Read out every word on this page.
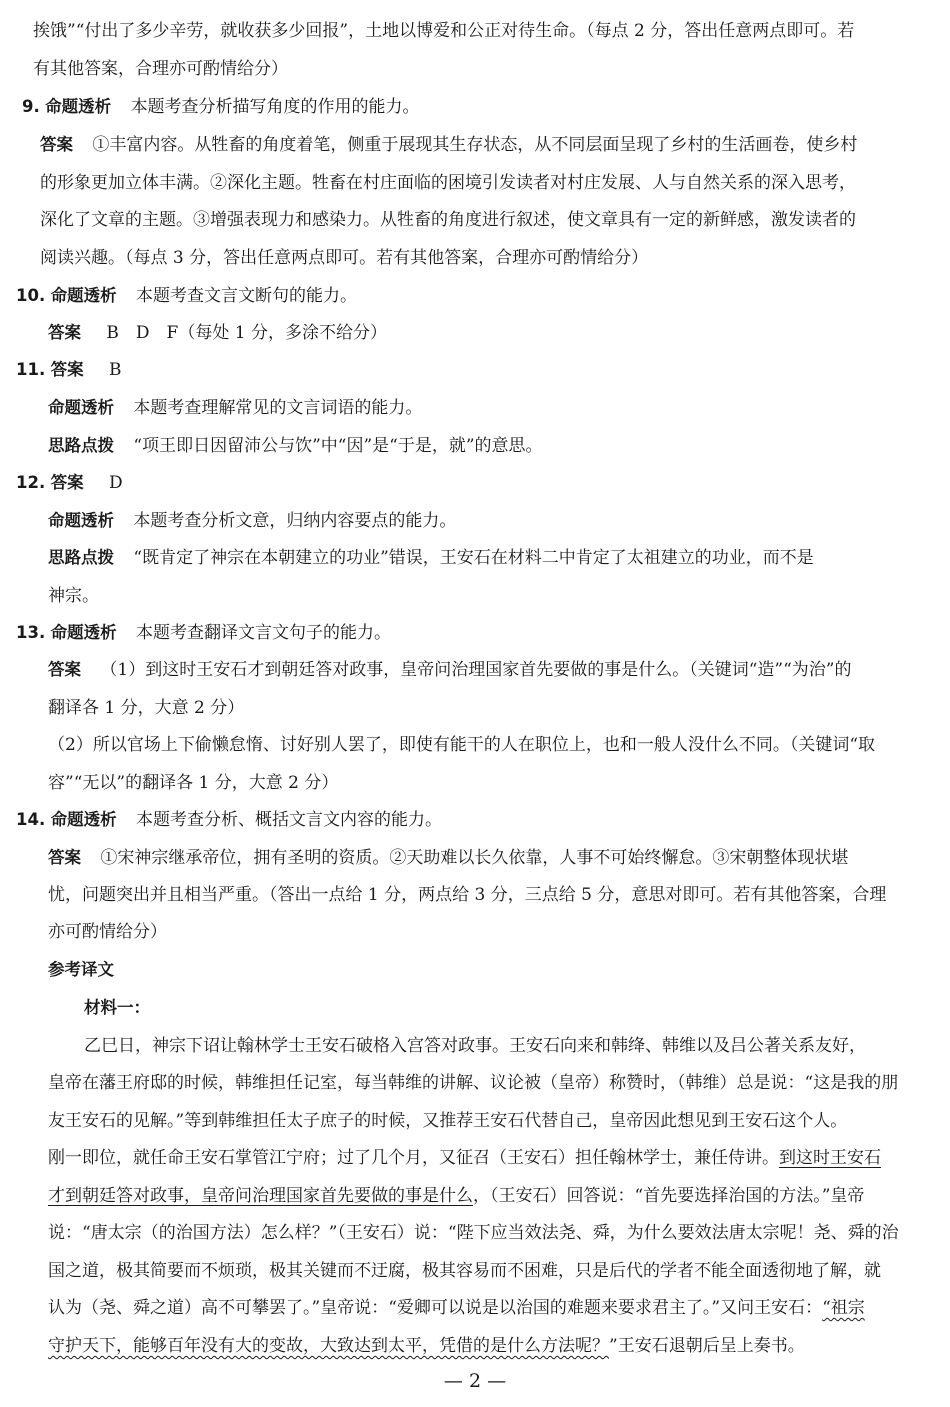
挨饿”“付出了多少辛劳，就收获多少回报”，土地以博爱和公正对待生命。（每点 2 分，答出任意两点即可。若
有其他答案，合理亦可酌情给分）
9. 命题透析 本题考查分析描写角度的作用的能力。
答案 ①丰富内容。从牲畜的角度着笔，侧重于展现其生存状态，从不同层面呈现了乡村的生活画卷，使乡村
的形象更加立体丰满。②深化主题。牲畜在村庄面临的困境引发读者对村庄发展、人与自然关系的深入思考，
深化了文章的主题。③增强表现力和感染力。从牲畜的角度进行叙述，使文章具有一定的新鲜感，激发读者的
阅读兴趣。（每点 3 分，答出任意两点即可。若有其他答案，合理亦可酌情给分）
10. 命题透析 本题考查文言文断句的能力。
答案 B　D　F（每处 1 分，多涂不给分）
11. 答案 B
命题透析 本题考查理解常见的文言词语的能力。
思路点拨 “项王即日因留沛公与饮”中“因”是“于是，就”的意思。
12. 答案 D
命题透析 本题考查分析文意，归纳内容要点的能力。
思路点拨 “既肯定了神宗在本朝建立的功业”错误，王安石在材料二中肯定了太祖建立的功业，而不是
神宗。
13. 命题透析 本题考查翻译文言文句子的能力。
答案 （1）到这时王安石才到朝廷答对政事，皇帝问治理国家首先要做的事是什么。（关键词“造”“为治”的
翻译各 1 分，大意 2 分）
（2）所以官场上下偷懒怠惰、讨好别人罢了，即使有能干的人在职位上，也和一般人没什么不同。（关键词“取
容”“无以”的翻译各 1 分，大意 2 分）
14. 命题透析 本题考查分析、概括文言文内容的能力。
答案 ①宋神宗继承帝位，拥有圣明的资质。②天助难以长久依靠，人事不可始终懈怠。③宋朝整体现状堪
忧，问题突出并且相当严重。（答出一点给 1 分，两点给 3 分，三点给 5 分，意思对即可。若有其他答案，合理
亦可酌情给分）
参考译文
材料一：
乙巳日，神宗下诏让翰林学士王安石破格入宫答对政事。王安石向来和韩绛、韩维以及吕公著关系友好，
皇帝在藩王府邸的时候，韩维担任记室，每当韩维的讲解、议论被（皇帝）称赞时，（韩维）总是说：“这是我的朋
友王安石的见解。”等到韩维担任太子庶子的时候，又推荐王安石代替自己，皇帝因此想见到王安石这个人。
刚一即位，就任命王安石掌管江宁府；过了几个月，又征召（王安石）担任翰林学士，兼任侍讲。到这时王安石
才到朝廷答对政事，皇帝问治理国家首先要做的事是什么，（王安石）回答说：“首先要选择治国的方法。”皇帝
说：“唐太宗（的治国方法）怎么样？”（王安石）说：“陛下应当效法尧、舜，为什么要效法唐太宗呢！尧、舜的治
国之道，极其简要而不烦琐，极其关键而不迂腐，极其容易而不困难，只是后代的学者不能全面透彻地了解，就
认为（尧、舜之道）高不可攀罢了。”皇帝说：“爱卿可以说是以治国的难题来要求君主了。”又问王安石：“祖宗
守护天下，能够百年没有大的变故，大致达到太平，凭借的是什么方法呢？”王安石退朝后呈上奏书。
— 2 —
